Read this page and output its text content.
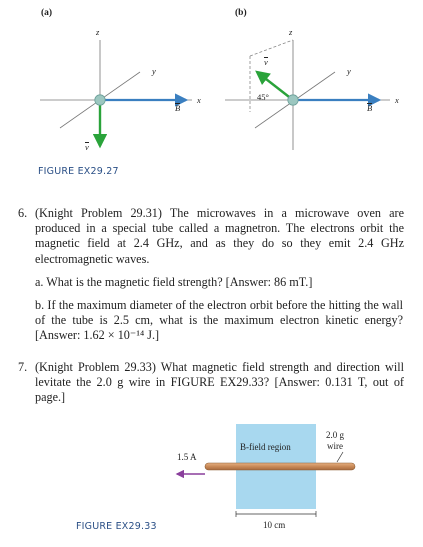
(a)	(b)
z
y
x
B
v
z
y
x
B
v
45°
FIGURE EX29.27
6. (Knight Problem 29.31) The microwaves in a microwave oven are produced in a special tube called a magnetron. The electrons orbit the magnetic field at 2.4 GHz, and as they do so they emit 2.4 GHz electromagnetic waves.

a. What is the magnetic field strength? [Answer: 86 mT.]
b. If the maximum diameter of the electron orbit before the hitting the wall of the tube is 2.5 cm, what is the maximum electron kinetic energy? [Answer: 1.62 × 10⁻¹⁴ J.]
7. (Knight Problem 29.33) What magnetic field strength and direction will levitate the 2.0 g wire in FIGURE EX29.33? [Answer: 0.131 T, out of page.]

B-field region
1.5 A
2.0 g
wire
10 cm
FIGURE EX29.33
